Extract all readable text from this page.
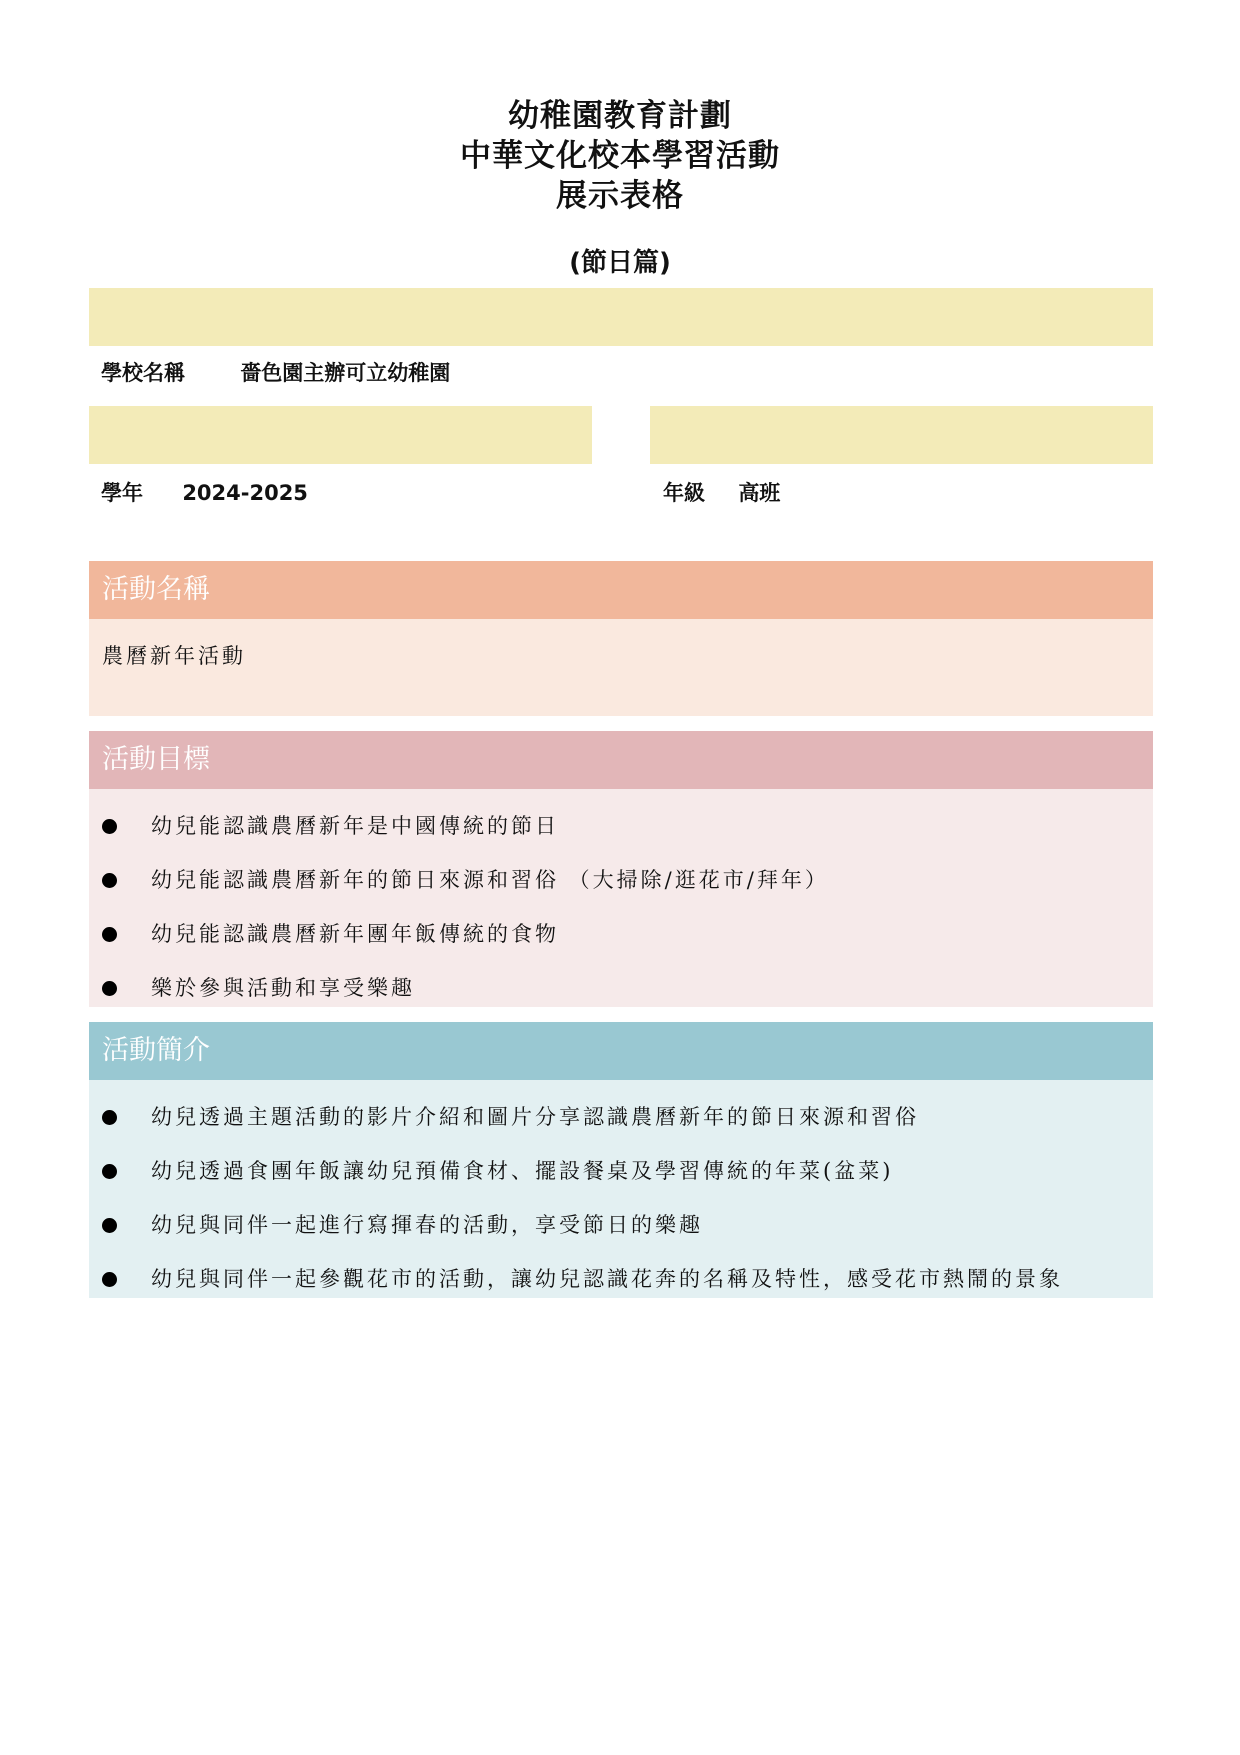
幼稚園教育計劃
中華文化校本學習活動
展示表格
(節日篇)
學校名稱	嗇色園主辦可立幼稚園
學年 2024-2025	年級 高班
活動名稱
農曆新年活動
活動目標
幼兒能認識農曆新年是中國傳統的節日
幼兒能認識農曆新年的節日來源和習俗 （大掃除/逛花市/拜年）
幼兒能認識農曆新年團年飯傳統的食物
樂於參與活動和享受樂趣
活動簡介
幼兒透過主題活動的影片介紹和圖片分享認識農曆新年的節日來源和習俗
幼兒透過食團年飯讓幼兒預備食材、擺設餐桌及學習傳統的年菜(盆菜)
幼兒與同伴一起進行寫揮春的活動，享受節日的樂趣
幼兒與同伴一起參觀花市的活動，讓幼兒認識花奔的名稱及特性，感受花市熱鬧的景象
